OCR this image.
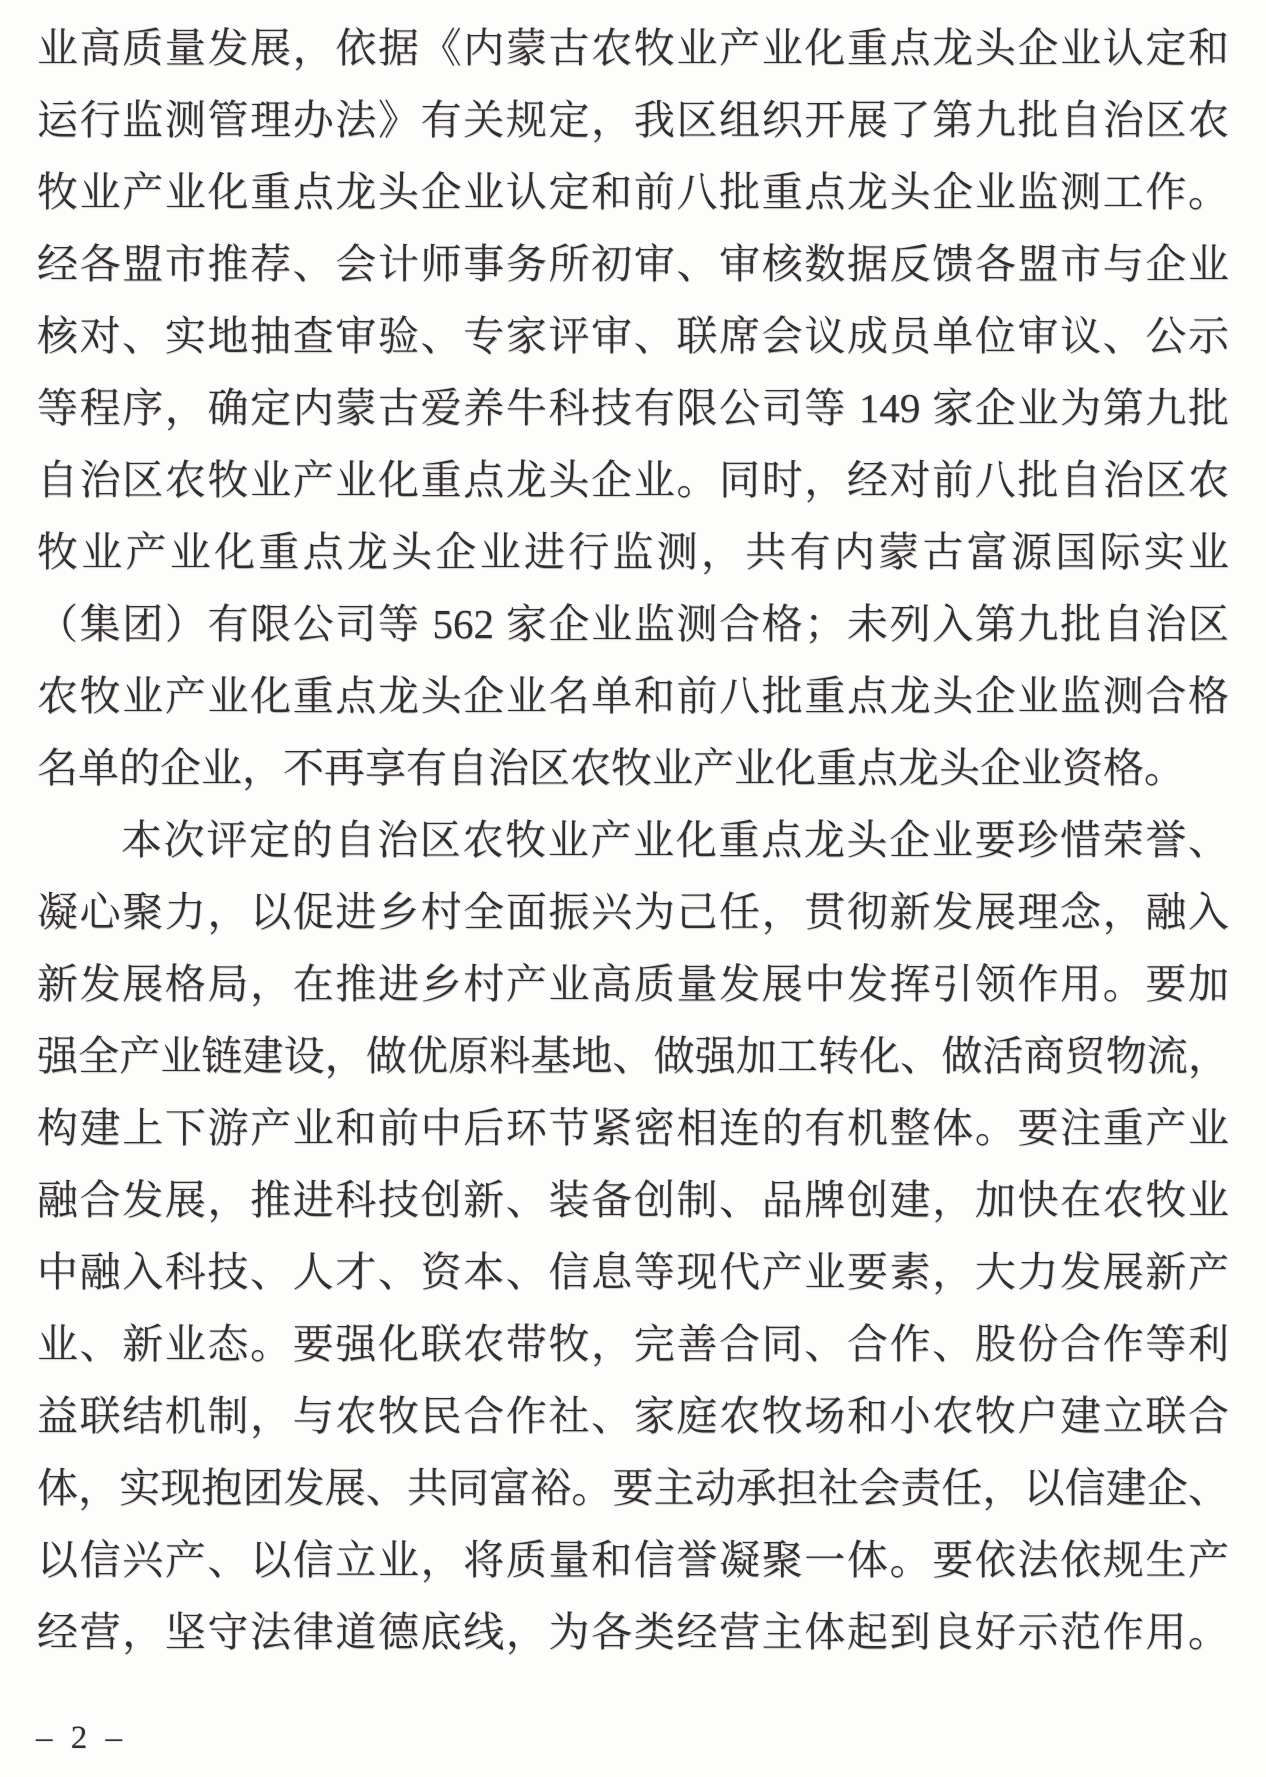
业高质量发展，依据《内蒙古农牧业产业化重点龙头企业认定和
运行监测管理办法》有关规定，我区组织开展了第九批自治区农
牧业产业化重点龙头企业认定和前八批重点龙头企业监测工作。
经各盟市推荐、会计师事务所初审、审核数据反馈各盟市与企业
核对、实地抽查审验、专家评审、联席会议成员单位审议、公示
等程序，确定内蒙古爱养牛科技有限公司等 149 家企业为第九批
自治区农牧业产业化重点龙头企业。同时，经对前八批自治区农
牧业产业化重点龙头企业进行监测，共有内蒙古富源国际实业
（集团）有限公司等 562 家企业监测合格；未列入第九批自治区
农牧业产业化重点龙头企业名单和前八批重点龙头企业监测合格
名单的企业，不再享有自治区农牧业产业化重点龙头企业资格。
本次评定的自治区农牧业产业化重点龙头企业要珍惜荣誉、
凝心聚力，以促进乡村全面振兴为己任，贯彻新发展理念，融入
新发展格局，在推进乡村产业高质量发展中发挥引领作用。要加
强全产业链建设，做优原料基地、做强加工转化、做活商贸物流，
构建上下游产业和前中后环节紧密相连的有机整体。要注重产业
融合发展，推进科技创新、装备创制、品牌创建，加快在农牧业
中融入科技、人才、资本、信息等现代产业要素，大力发展新产
业、新业态。要强化联农带牧，完善合同、合作、股份合作等利
益联结机制，与农牧民合作社、家庭农牧场和小农牧户建立联合
体，实现抱团发展、共同富裕。要主动承担社会责任，以信建企、
以信兴产、以信立业，将质量和信誉凝聚一体。要依法依规生产
经营，坚守法律道德底线，为各类经营主体起到良好示范作用。
– 2 –
